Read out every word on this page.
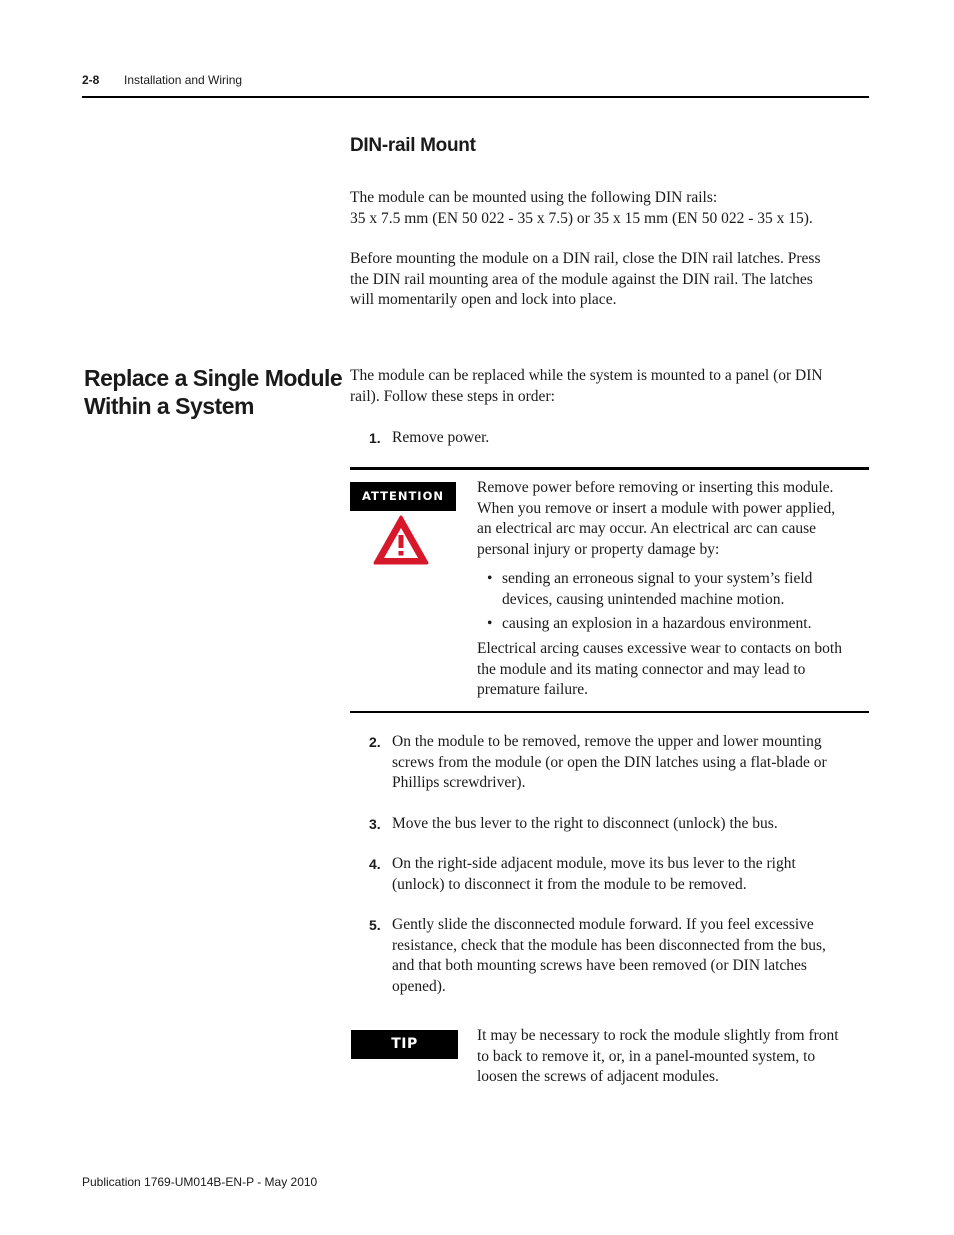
2-8 Installation and Wiring
DIN-rail Mount
The module can be mounted using the following DIN rails:
35 x 7.5 mm (EN 50 022 - 35 x 7.5) or 35 x 15 mm (EN 50 022 - 35 x 15).
Before mounting the module on a DIN rail, close the DIN rail latches. Press
the DIN rail mounting area of the module against the DIN rail. The latches
will momentarily open and lock into place.
Replace a Single Module
Within a System
The module can be replaced while the system is mounted to a panel (or DIN
rail). Follow these steps in order:
1. Remove power.
ATTENTION	Remove power before removing or inserting this module.
When you remove or insert a module with power applied,
an electrical arc may occur. An electrical arc can cause
personal injury or property damage by:
• sending an erroneous signal to your system’s field
devices, causing unintended machine motion.
• causing an explosion in a hazardous environment.
Electrical arcing causes excessive wear to contacts on both
the module and its mating connector and may lead to
premature failure.
2. On the module to be removed, remove the upper and lower mounting
screws from the module (or open the DIN latches using a flat-blade or
Phillips screwdriver).
3. Move the bus lever to the right to disconnect (unlock) the bus.
4. On the right-side adjacent module, move its bus lever to the right
(unlock) to disconnect it from the module to be removed.
5. Gently slide the disconnected module forward. If you feel excessive
resistance, check that the module has been disconnected from the bus,
and that both mounting screws have been removed (or DIN latches
opened).
TIP	It may be necessary to rock the module slightly from front
to back to remove it, or, in a panel-mounted system, to
loosen the screws of adjacent modules.
Publication 1769-UM014B-EN-P - May 2010
